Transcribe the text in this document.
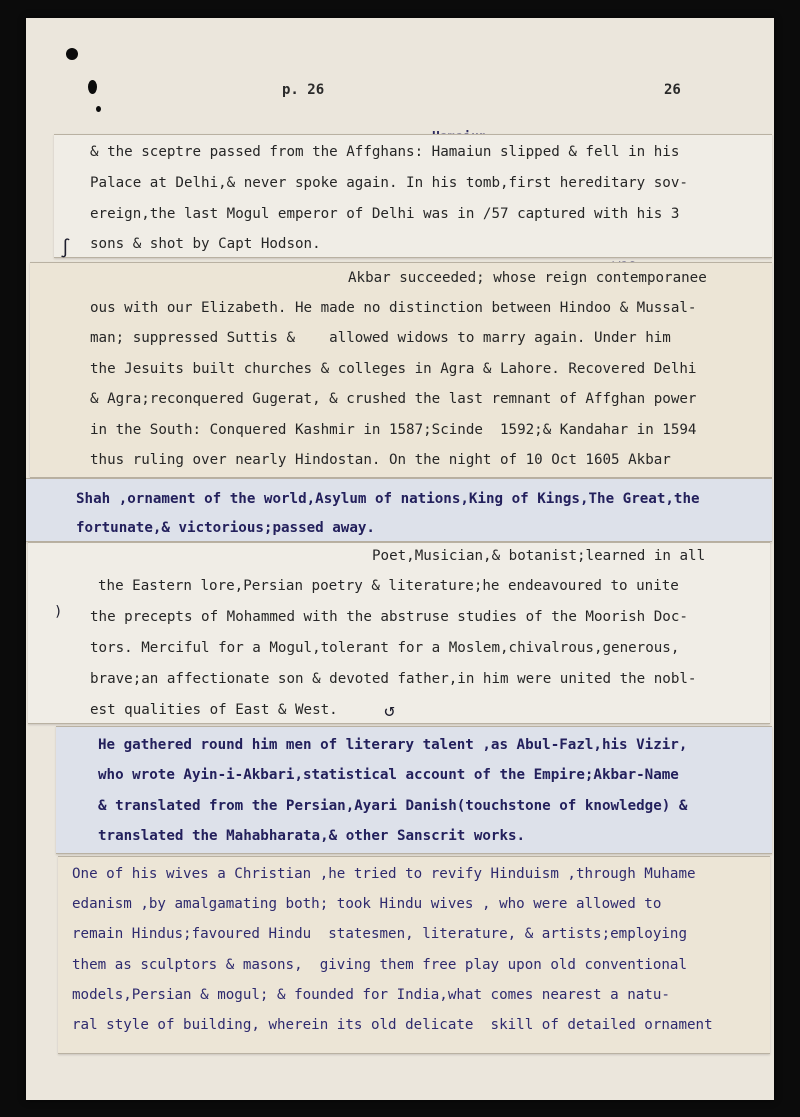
p. 26	26
& the sceptre passed from the Affghans: Hamaiun slipped & fell in his
Palace at Delhi,& never spoke again. In his tomb,first hereditary sov-
ereign,the last Mogul emperor of Delhi was in /57 captured with his 3
sons & shot by Capt Hodson.
Akbar succeeded; whose reign contemporanee
ous with our Elizabeth. He made no distinction between Hindoo & Mussal-
man; suppressed Suttis &    allowed widows to marry again. Under him
the Jesuits built churches & colleges in Agra & Lahore. Recovered Delhi
& Agra;reconquered Gugerat, & crushed the last remnant of Affghan power
in the South: Conquered Kashmir in 1587;Scinde  1592;& Kandahar in 1594
thus ruling over nearly Hindostan. On the night of 10 Oct 1605 Akbar
Shah ,ornament of the world,Asylum of nations,King of Kings,The Great,the
fortunate,& victorious;passed away.
Poet,Musician,& botanist;learned in all
the Eastern lore,Persian poetry & literature;he endeavoured to unite
the precepts of Mohammed with the abstruse studies of the Moorish Doc-
tors. Merciful for a Mogul,tolerant for a Moslem,chivalrous,generous,
brave;an affectionate son & devoted father,in him were united the nobl-
est qualities of East & West.
He gathered round him men of literary talent ,as Abul-Fazl,his Vizir,
who wrote Ayin-i-Akbari,statistical account of the Empire;Akbar-Name
& translated from the Persian,Ayari Danish(touchstone of knowledge) &
translated the Mahabharata,& other Sanscrit works.
One of his wives a Christian ,he tried to revify Hinduism ,through Muhame
edanism ,by amalgamating both; took Hindu wives , who were allowed to
remain Hindus;favoured Hindu  statesmen, literature, & artists;employing
them as sculptors & masons,  giving them free play upon old conventional
models,Persian & mogul; & founded for India,what comes nearest a natu-
ral style of building, wherein its old delicate  skill of detailed ornament
∫
↺
)
